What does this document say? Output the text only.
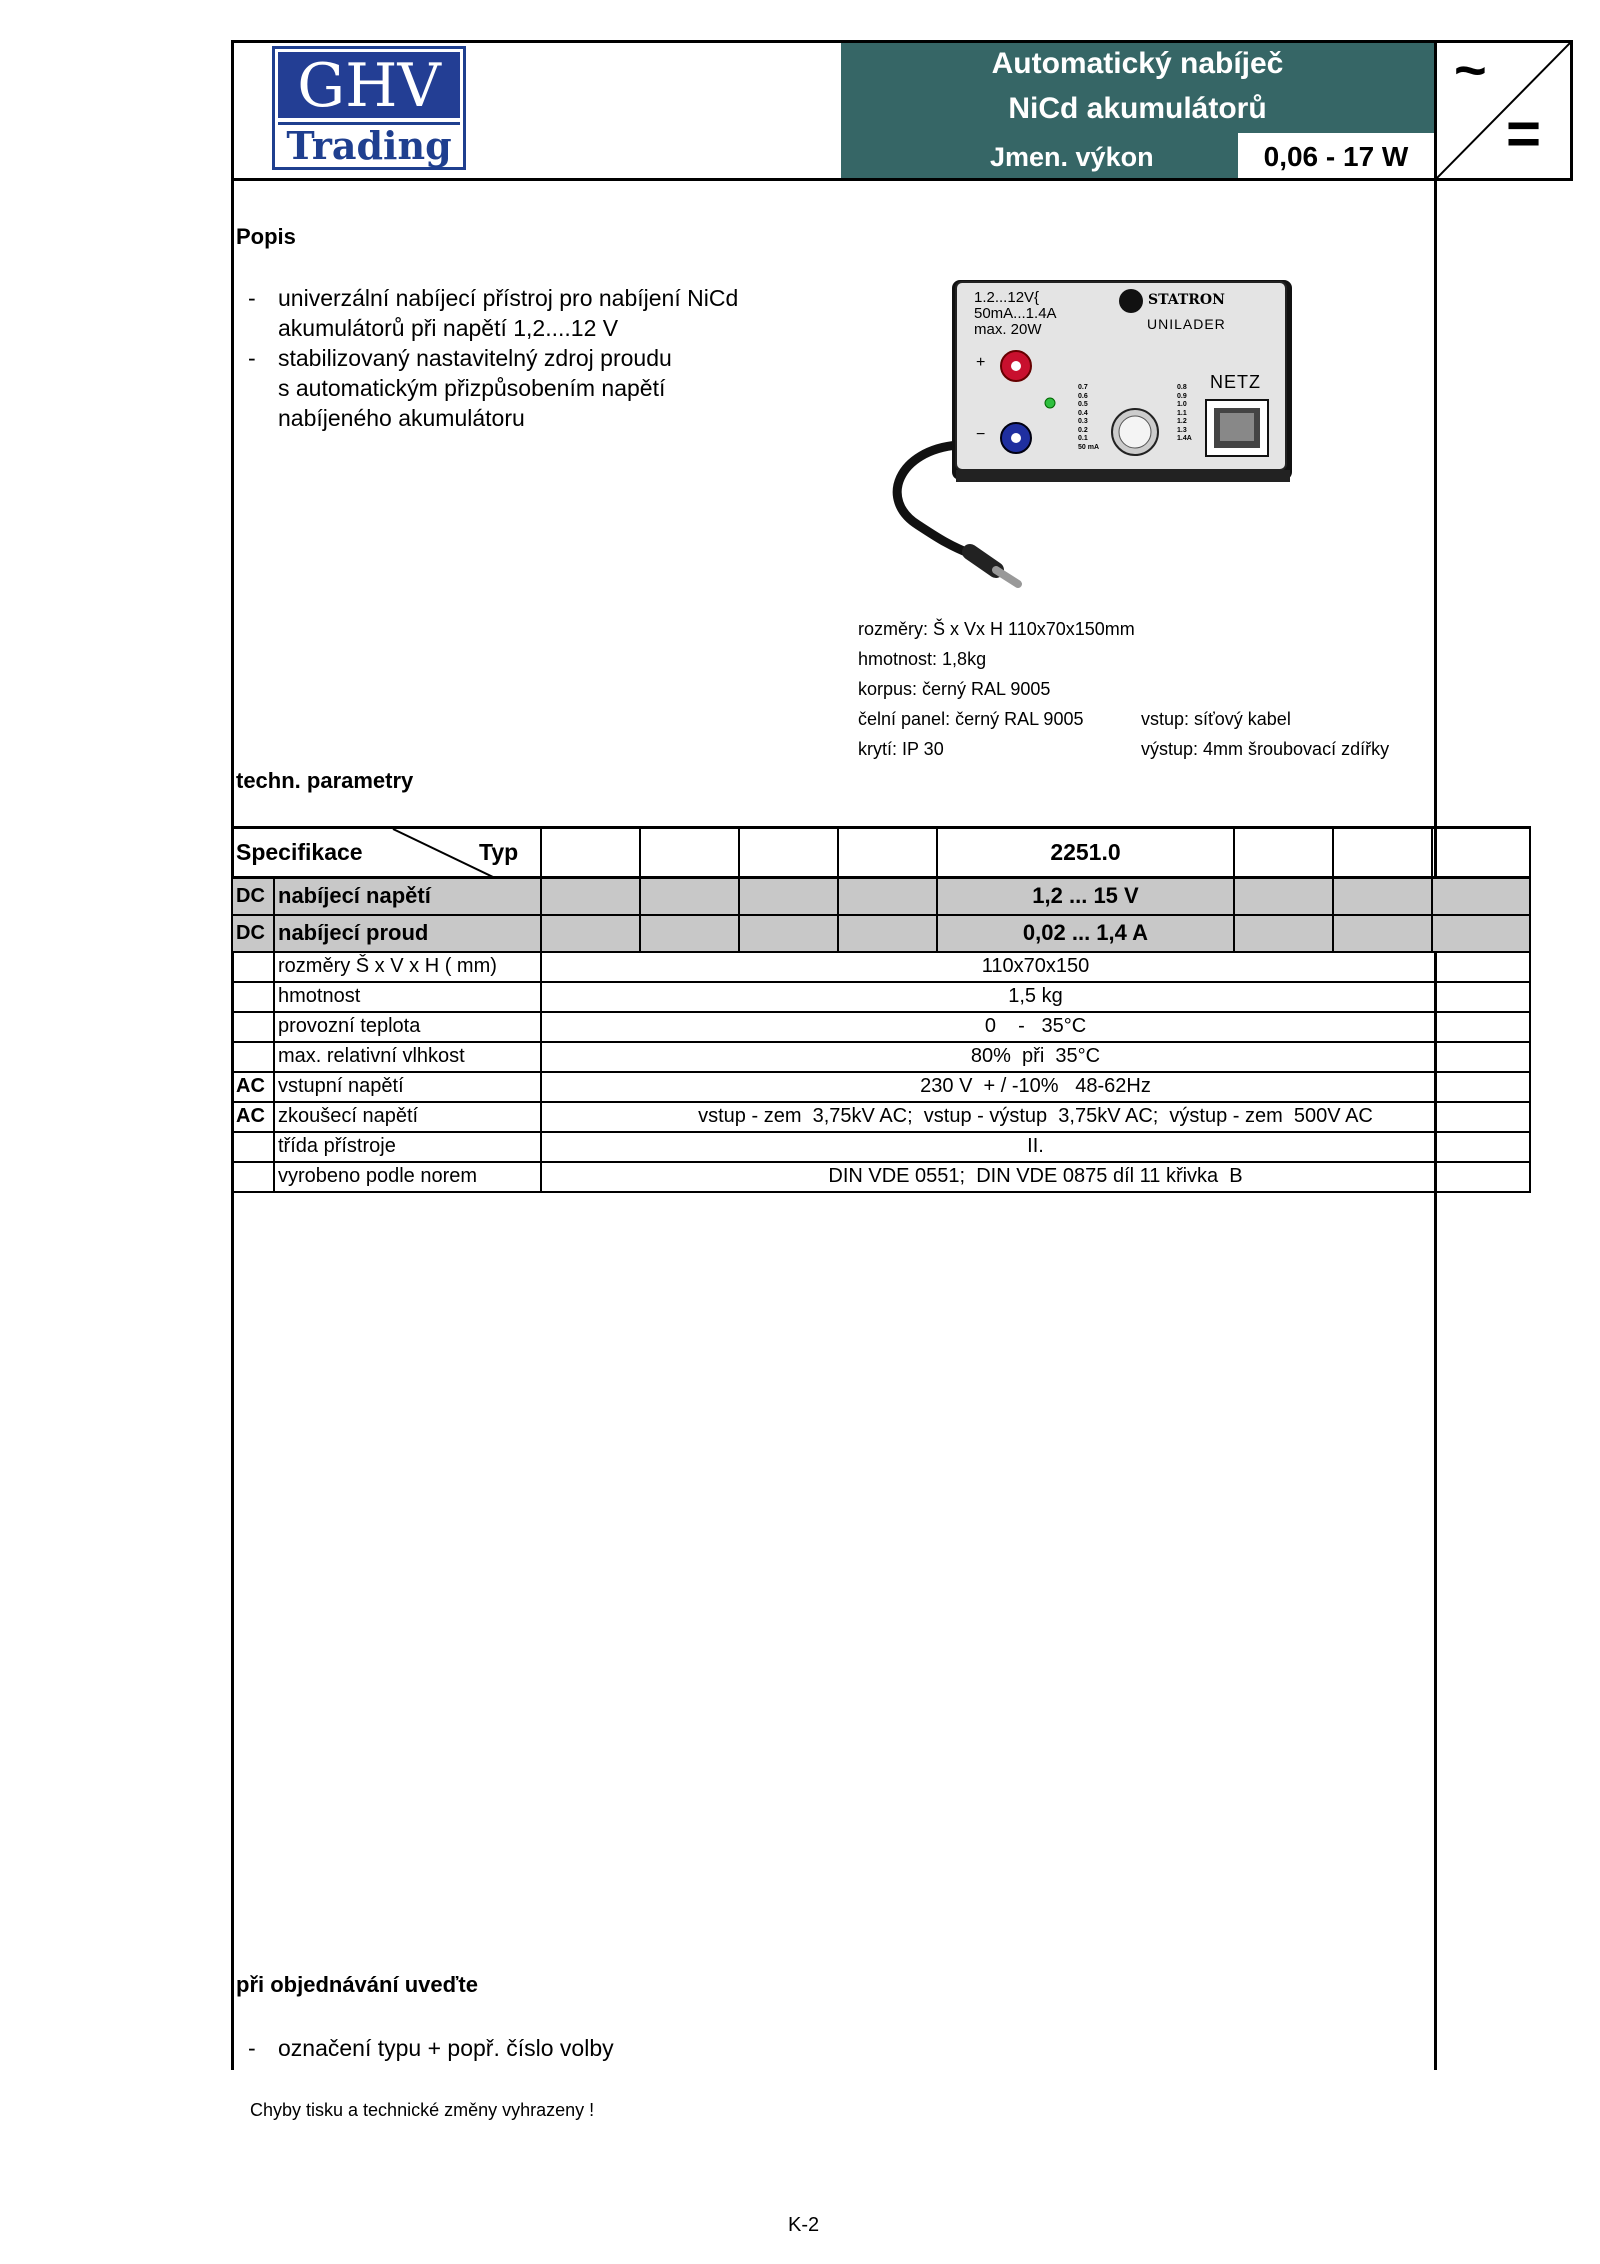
~
=
Automatický nabíječ
NiCd akumulátorů
Jmen. výkon	0,06 - 17 W
GHV
Trading
Popis
- univerzální nabíjecí přístroj pro nabíjení NiCd
akumulátorů při napětí 1,2....12 V
- stabilizovaný nastavitelný zdroj proudu
s automatickým přizpůsobením napětí
nabíjeného akumulátoru
1.2...12V{
50mA...1.4A
max. 20W
STATRON
UNILADER
NETZ
+
−
0.7
0.6
0.5
0.4
0.3
0.2
0.1
50 mA
0.8
0.9
1.0
1.1
1.2
1.3
1.4A
rozměry: Š x Vx H 110x70x150mm
hmotnost: 1,8kg
korpus: černý RAL 9005
čelní panel: černý RAL 9005
krytí: IP 30
vstup: síťový kabel
výstup: 4mm šroubovací zdířky
techn. parametry
Specifikace Typ						2251.0			
DC	nabíjecí napětí					1,2 ... 15 V			
DC	nabíjecí proud					0,02 ... 1,4 A			
	rozměry Š x V x H ( mm)	110x70x150							
	hmotnost	1,5 kg							
	provozní teplota	0    -   35°C							
	max. relativní vlhkost	80%  při  35°C							
AC	vstupní napětí	230 V  + / -10%   48-62Hz							
AC	zkoušecí napětí	vstup - zem  3,75kV AC;  vstup - výstup  3,75kV AC;  výstup - zem  500V AC							
	třída přístroje	II.							
	vyrobeno podle norem	DIN VDE 0551;  DIN VDE 0875 díl 11 křivka  B							
při objednávání uveďte
- označení typu + popř. číslo volby
Chyby tisku a technické změny vyhrazeny !
K-2
